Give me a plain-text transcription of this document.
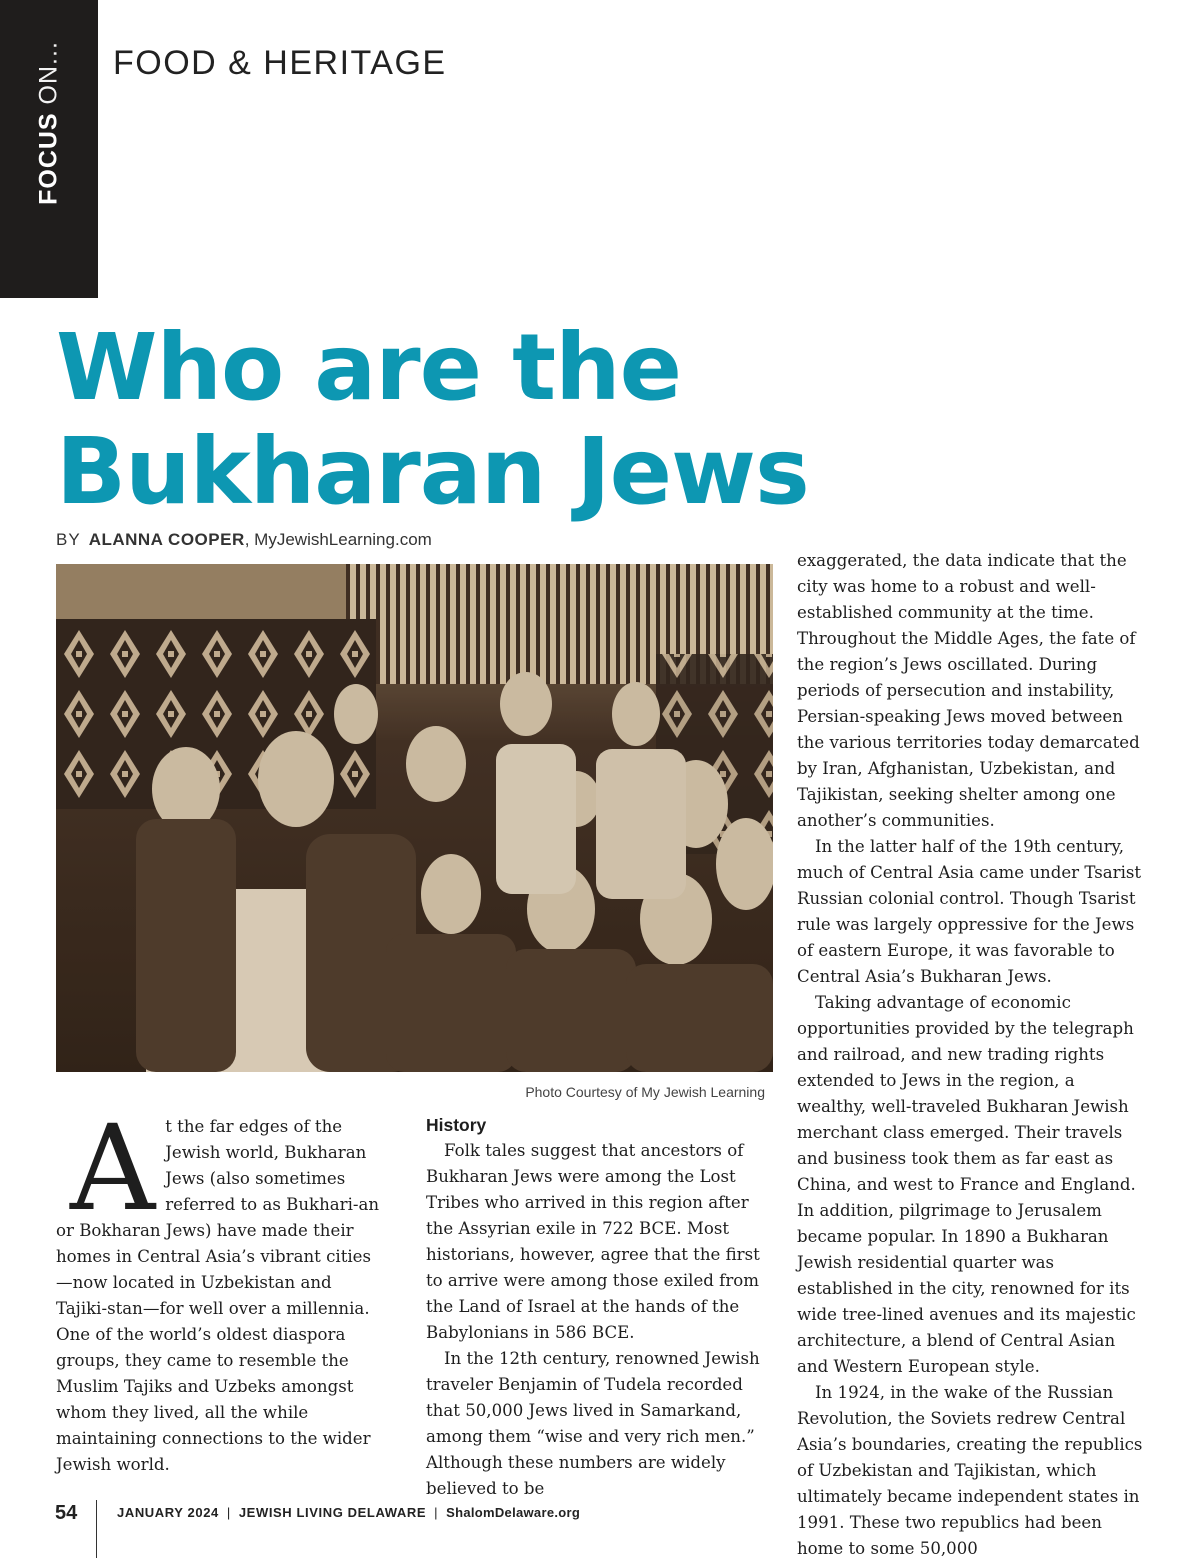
FOCUS ON... FOOD & HERITAGE
Who are the
Bukharan Jews
BY ALANNA COOPER, MyJewishLearning.com
Photo Courtesy of My Jewish Learning

At the far edges of the Jewish world, Bukharan Jews (also sometimes referred to as Bukhari-an or Bokharan Jews) have made their homes in Central Asia’s vibrant cities—now located in Uzbekistan and Tajiki-stan—for well over a millennia. One of the world’s oldest diaspora groups, they came to resemble the Muslim Tajiks and Uzbeks amongst whom they lived, all the while maintaining connections to the wider Jewish world.

History

Folk tales suggest that ancestors of Bukharan Jews were among the Lost Tribes who arrived in this region after the Assyrian exile in 722 BCE. Most historians, however, agree that the first to arrive were among those exiled from the Land of Israel at the hands of the Babylonians in 586 BCE.

In the 12th century, renowned Jewish traveler Benjamin of Tudela recorded that 50,000 Jews lived in Samarkand, among them “wise and very rich men.” Although these numbers are widely believed to be

exaggerated, the data indicate that the city was home to a robust and well-established community at the time. Throughout the Middle Ages, the fate of the region’s Jews oscillated. During periods of persecution and instability, Persian-speaking Jews moved between the various territories today demarcated by Iran, Afghanistan, Uzbekistan, and Tajikistan, seeking shelter among one another’s communities.

In the latter half of the 19th century, much of Central Asia came under Tsarist Russian colonial control. Though Tsarist rule was largely oppressive for the Jews of eastern Europe, it was favorable to Central Asia’s Bukharan Jews.

Taking advantage of economic opportunities provided by the telegraph and railroad, and new trading rights extended to Jews in the region, a wealthy, well-traveled Bukharan Jewish merchant class emerged. Their travels and business took them as far east as China, and west to France and England. In addition, pilgrimage to Jerusalem became popular. In 1890 a Bukharan Jewish residential quarter was established in the city, renowned for its wide tree-lined avenues and its majestic architecture, a blend of Central Asian and Western European style.

In 1924, in the wake of the Russian Revolution, the Soviets redrew Central Asia’s boundaries, creating the republics of Uzbekistan and Tajikistan, which ultimately became independent states in 1991. These two republics had been home to some 50,000

54	JANUARY 2024 | JEWISH LIVING DELAWARE | ShalomDelaware.org
